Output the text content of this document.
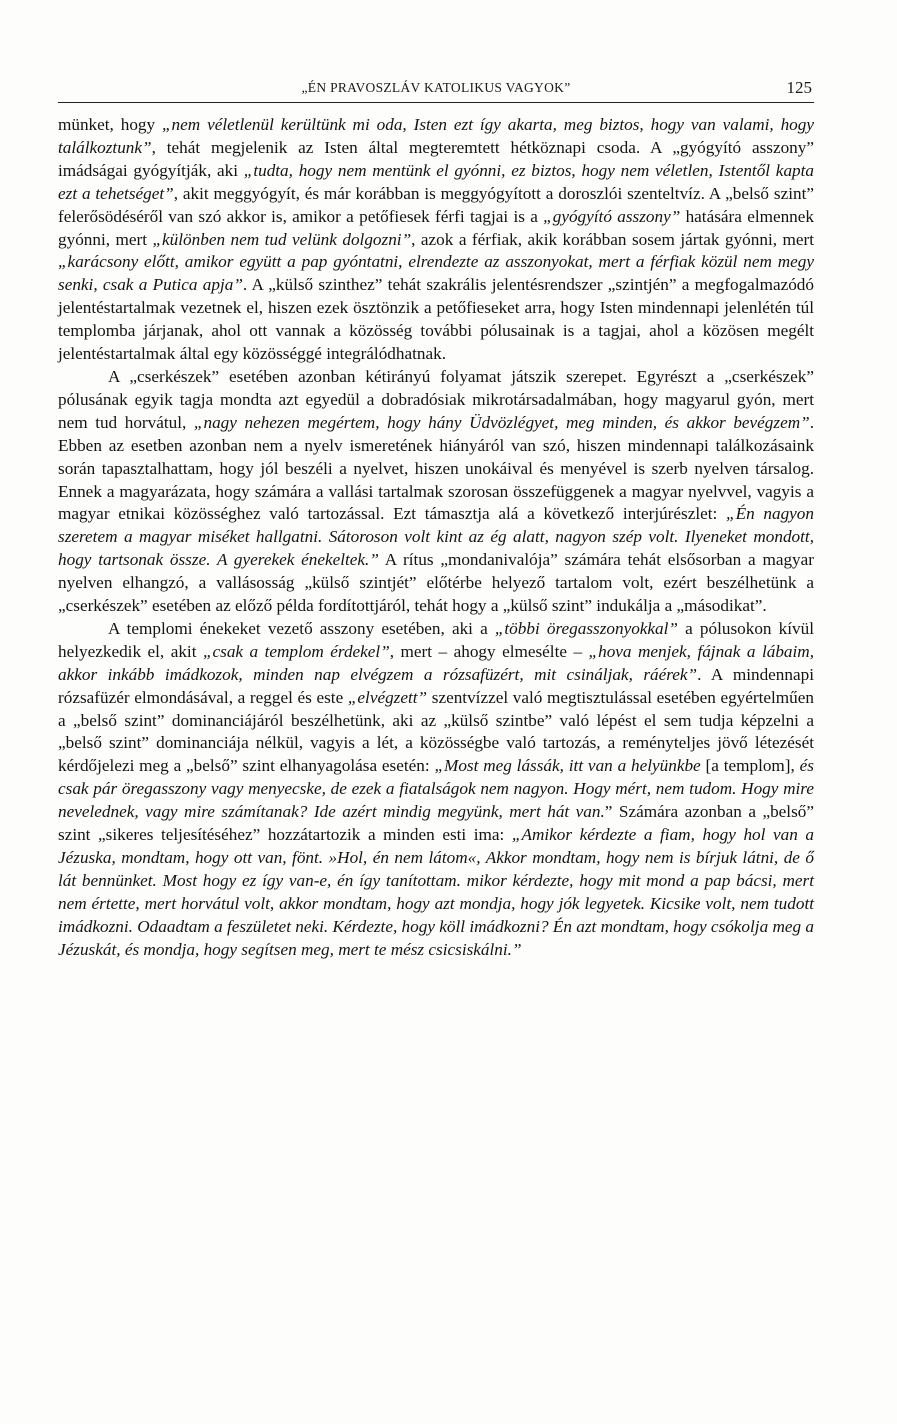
„ÉN PRAVOSZLÁV KATOLIKUS VAGYOK”	125

münket, hogy „nem véletlenül kerültünk mi oda, Isten ezt így akarta, meg biztos, hogy van valami, hogy találkoztunk”, tehát megjelenik az Isten által megteremtett hétköznapi csoda. A „gyógyító asszony” imádságai gyógyítják, aki „tudta, hogy nem mentünk el gyónni, ez biztos, hogy nem véletlen, Istentől kapta ezt a tehetséget”, akit meggyógyít, és már korábban is meggyógyított a doroszlói szenteltvíz. A „belső szint” felerősödéséről van szó akkor is, amikor a petőfiesek férfi tagjai is a „gyógyító asszony” hatására elmennek gyónni, mert „különben nem tud velünk dolgozni”, azok a férfiak, akik korábban sosem jártak gyónni, mert „karácsony előtt, amikor együtt a pap gyóntatni, elrendezte az asszonyokat, mert a férfiak közül nem megy senki, csak a Putica apja”. A „külső szinthez” tehát szakrális jelentésrendszer „szintjén” a megfogalmazódó jelentéstartalmak vezetnek el, hiszen ezek ösztönzik a petőfieseket arra, hogy Isten mindennapi jelenlétén túl templomba járjanak, ahol ott vannak a közösség további pólusainak is a tagjai, ahol a közösen megélt jelentéstartalmak által egy közösséggé integrálódhatnak.

A „cserkészek” esetében azonban kétirányú folyamat játszik szerepet. Egyrészt a „cserkészek” pólusának egyik tagja mondta azt egyedül a dobradósiak mikrotársadalmában, hogy magyarul gyón, mert nem tud horvátul, „nagy nehezen megértem, hogy hány Üdvözlégyet, meg minden, és akkor bevégzem”. Ebben az esetben azonban nem a nyelv ismeretének hiányáról van szó, hiszen mindennapi találkozásaink során tapasztalhattam, hogy jól beszéli a nyelvet, hiszen unokáival és menyével is szerb nyelven társalog. Ennek a magyarázata, hogy számára a vallási tartalmak szorosan összefüggenek a magyar nyelvvel, vagyis a magyar etnikai közösséghez való tartozással. Ezt támasztja alá a következő interjúrészlet: „Én nagyon szeretem a magyar miséket hallgatni. Sátoroson volt kint az ég alatt, nagyon szép volt. Ilyeneket mondott, hogy tartsonak össze. A gyerekek énekeltek.” A rítus „mondanivalója” számára tehát elsősorban a magyar nyelven elhangzó, a vallásosság „külső szintjét” előtérbe helyező tartalom volt, ezért beszélhetünk a „cserkészek” esetében az előző példa fordítottjáról, tehát hogy a „külső szint” indukálja a „másodikat”.

A templomi énekeket vezető asszony esetében, aki a „többi öregasszonyokkal” a pólusokon kívül helyezkedik el, akit „csak a templom érdekel”, mert – ahogy elmesélte – „hova menjek, fájnak a lábaim, akkor inkább imádkozok, minden nap elvégzem a rózsafüzért, mit csináljak, ráérek”. A mindennapi rózsafüzér elmondásával, a reggel és este „elvégzett” szentvízzel való megtisztulással esetében egyértelműen a „belső szint” dominanciájáról beszélhetünk, aki az „külső szintbe” való lépést el sem tudja képzelni a „belső szint” dominanciája nélkül, vagyis a lét, a közösségbe való tartozás, a reményteljes jövő létezését kérdőjelezi meg a „belső” szint elhanyagolása esetén: „Most meg lássák, itt van a helyünkbe [a templom], és csak pár öregasszony vagy menyecske, de ezek a fiatalságok nem nagyon. Hogy mért, nem tudom. Hogy mire nevelednek, vagy mire számítanak? Ide azért mindig megyünk, mert hát van.” Számára azonban a „belső” szint „sikeres teljesítéséhez” hozzátartozik a minden esti ima: „Amikor kérdezte a fiam, hogy hol van a Jézuska, mondtam, hogy ott van, fönt. »Hol, én nem látom«, Akkor mondtam, hogy nem is bírjuk látni, de ő lát bennünket. Most hogy ez így van-e, én így tanítottam. mikor kérdezte, hogy mit mond a pap bácsi, mert nem értette, mert horvátul volt, akkor mondtam, hogy azt mondja, hogy jók legyetek. Kicsike volt, nem tudott imádkozni. Odaadtam a feszületet neki. Kérdezte, hogy köll imádkozni? Én azt mondtam, hogy csókolja meg a Jézuskát, és mondja, hogy segítsen meg, mert te mész csicsiskálni.”
